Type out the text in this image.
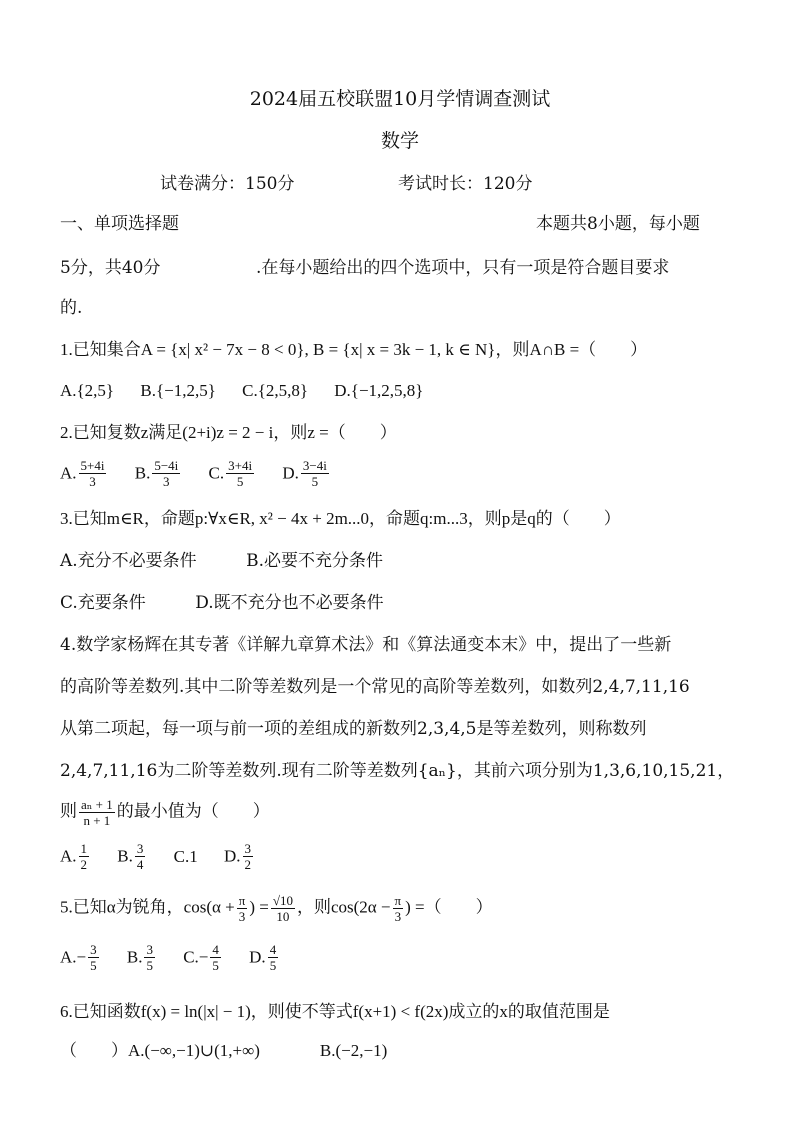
2024届五校联盟10月学情调查测试
数学
试卷满分：150分	考试时长：120分
一、单项选择题	本题共8小题，每小题
5分，共40分	.在每小题给出的四个选项中，只有一项是符合题目要求
的.
1.已知集合A = {x| x² − 7x − 8 < 0}, B = {x| x = 3k − 1, k ∈ N}，则A∩B =（　　）
A.{2,5} B.{−1,2,5} C.{2,5,8} D.{−1,2,5,8}
2.已知复数z满足(2+i)z = 2 − i，则z =（　　）
A. $\frac{5+4i}{3} B$. $\frac{5-4i}{3} C$. $\frac{3+4i}{5} D$. $\frac{3-4i}{5}$
3.已知m∈R，命题p:∀x∈R, x² − 4x + 2m...0，命题q:m...3，则p是q的（　　）
A.充分不必要条件	B.必要不充分条件
C.充要条件	D.既不充分也不必要条件
4.数学家杨辉在其专著《详解九章算术法》和《算法通变本末》中，提出了一些新
的高阶等差数列.其中二阶等差数列是一个常见的高阶等差数列，如数列2,4,7,11,16
从第二项起，每一项与前一项的差组成的新数列2,3,4,5是等差数列，则称数列
2,4,7,11,16为二阶等差数列.现有二阶等差数列{aₙ}，其前六项分别为1,3,6,10,15,21，
则 $\frac{\text{aₙ + 1}}{n + 1}$ 的最小值为（　　）
A. $\frac{1}{2} B$. $\frac{3}{4} C.1$ D. $\frac{3}{2}$
5.已知α为锐角，$\cos(\alpha + \frac{\pi}{3}$ ) = $\frac{√10}{10}$ ，则$\cos(2\alpha - \frac{\pi}{3}$ ) =（　　）
$A.- \frac{3}{5} B$. $\frac{3}{5} C.- \frac{4}{5} D$. $\frac{4}{5}$
6.已知函数f(x) = ln(|x| − 1)，则使不等式f(x+1) < f(2x)成立的x的取值范围是
（　　）A.(−∞,−1)∪(1,+∞)	B.(−2,−1)
